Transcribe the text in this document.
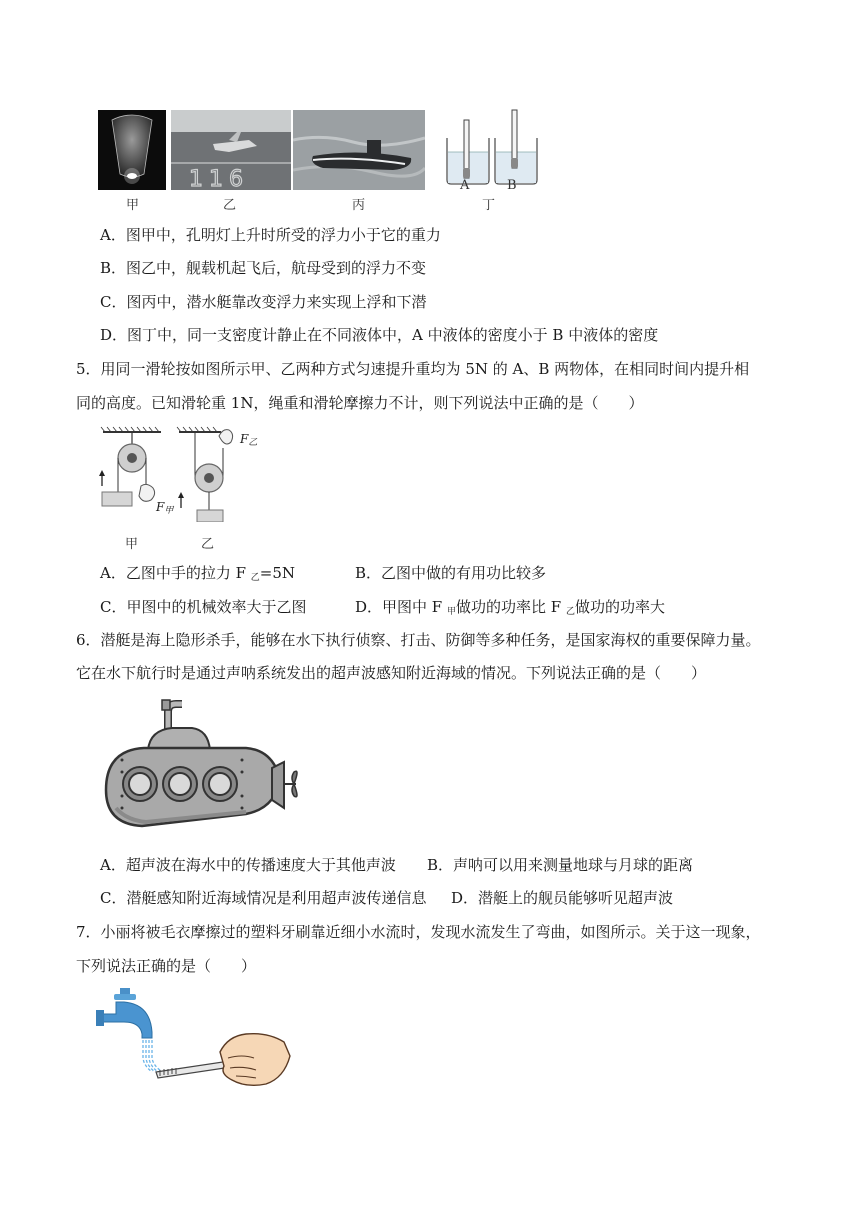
116	A	B
甲	乙	丙	丁
A．图甲中，孔明灯上升时所受的浮力小于它的重力
B．图乙中，舰载机起飞后，航母受到的浮力不变
C．图丙中，潜水艇靠改变浮力来实现上浮和下潜
D．图丁中，同一支密度计静止在不同液体中，A 中液体的密度小于 B 中液体的密度
5．用同一滑轮按如图所示甲、乙两种方式匀速提升重均为 5N 的 A、B 两物体，在相同时间内提升相
同的高度。已知滑轮重 1N，绳重和滑轮摩擦力不计，则下列说法中正确的是（　　）
$F_乙$
$F_甲$
甲	乙
A．乙图中手的拉力 F $_乙$=5N	B．乙图中做的有用功比较多
C．甲图中的机械效率大于乙图	D．甲图中 F $_甲$做功的功率比 F $_乙$做功的功率大
6．潜艇是海上隐形杀手，能够在水下执行侦察、打击、防御等多种任务，是国家海权的重要保障力量。
它在水下航行时是通过声呐系统发出的超声波感知附近海域的情况。下列说法正确的是（　　）
A．超声波在海水中的传播速度大于其他声波 B．声呐可以用来测量地球与月球的距离
C．潜艇感知附近海域情况是利用超声波传递信息 D．潜艇上的舰员能够听见超声波
7．小丽将被毛衣摩擦过的塑料牙刷靠近细小水流时，发现水流发生了弯曲，如图所示。关于这一现象，
下列说法正确的是（　　）
